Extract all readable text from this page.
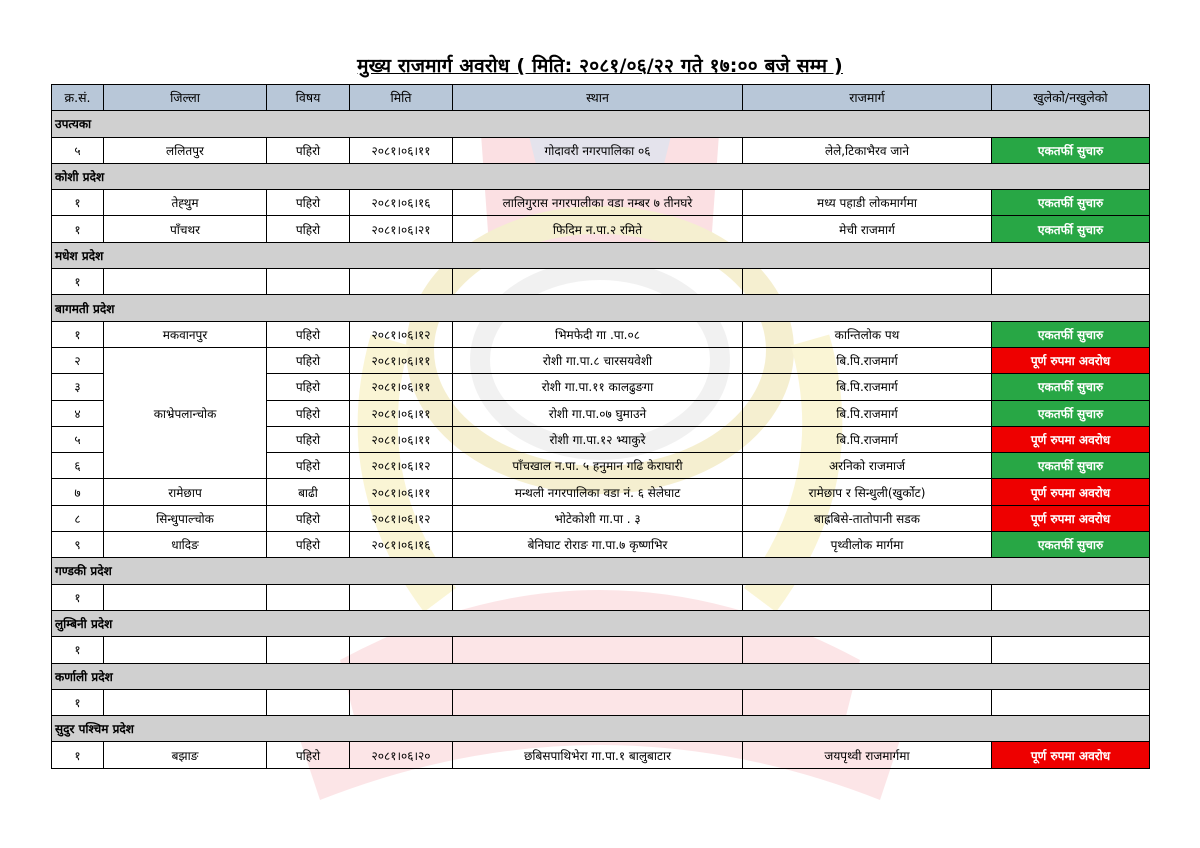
मुख्य राजमार्ग अवरोध ( मिति: २०८१/०६/२२ गते १७:०० बजे सम्म )
क्र.सं.	जिल्ला	विषय	मिति	स्थान	राजमार्ग	खुलेको/नखुलेको
उपत्यका						
५	ललितपुर	पहिरो	२०८१।०६।११	गोदावरी नगरपालिका ०६	लेले,टिकाभैरव जाने	एकतर्फी सुचारु
कोशी प्रदेश						
१	तेह्थुम	पहिरो	२०८१।०६।१६	लालिगुरास नगरपालीका वडा नम्बर ७ तीनघरे	मध्य पहाडी लोकमार्गमा	एकतर्फी सुचारु
१	पाँचथर	पहिरो	२०८१।०६।२१	फिदिम न.पा.२ रमिते	मेची राजमार्ग	एकतर्फी सुचारु
मधेश प्रदेश						
१						
बागमती प्रदेश						
१	मकवानपुर	पहिरो	२०८१।०६।१२	भिमफेदी गा .पा.०८	कान्तिलोक पथ	एकतर्फी सुचारु
२	काभ्रेपलान्चोक	पहिरो	२०८१।०६।११	रोशी गा.पा.८ चारसयवेशी	बि.पि.राजमार्ग	पूर्ण रुपमा अवरोध
३		पहिरो	२०८१।०६।११	रोशी गा.पा.११ कालढुङगा	बि.पि.राजमार्ग	एकतर्फी सुचारु
४		पहिरो	२०८१।०६।११	रोशी गा.पा.०७ घुमाउने	बि.पि.राजमार्ग	एकतर्फी सुचारु
५		पहिरो	२०८१।०६।११	रोशी गा.पा.१२ भ्याकुरे	बि.पि.राजमार्ग	पूर्ण रुपमा अवरोध
६		पहिरो	२०८१।०६।१२	पाँचखाल न.पा. ५ हनुमान गढि केराघारी	अरनिको राजमार्ज	एकतर्फी सुचारु
७	रामेछाप	बाढी	२०८१।०६।११	मन्थली नगरपालिका वडा नं. ६ सेलेघाट	रामेछाप र सिन्धुली(खुर्कोट)	पूर्ण रुपमा अवरोध
८	सिन्धुपाल्चोक	पहिरो	२०८१।०६।१२	भोटेकोशी गा.पा . ३	बाह्रबिसे-तातोपानी सडक	पूर्ण रुपमा अवरोध
९	धादिङ	पहिरो	२०८१।०६।१६	बेनिघाट रोराङ गा.पा.७ कृष्णभिर	पृथ्वीलोक मार्गमा	एकतर्फी सुचारु
गण्डकी प्रदेश						
१						
लुम्बिनी प्रदेश						
१						
कर्णाली प्रदेश						
१						
सुदुर पश्चिम प्रदेश						
१	बझाङ	पहिरो	२०८१।०६।२०	छबिसपाथिभेरा गा.पा.१ बालुबाटार	जयपृथ्वी राजमार्गमा	पूर्ण रुपमा अवरोध
